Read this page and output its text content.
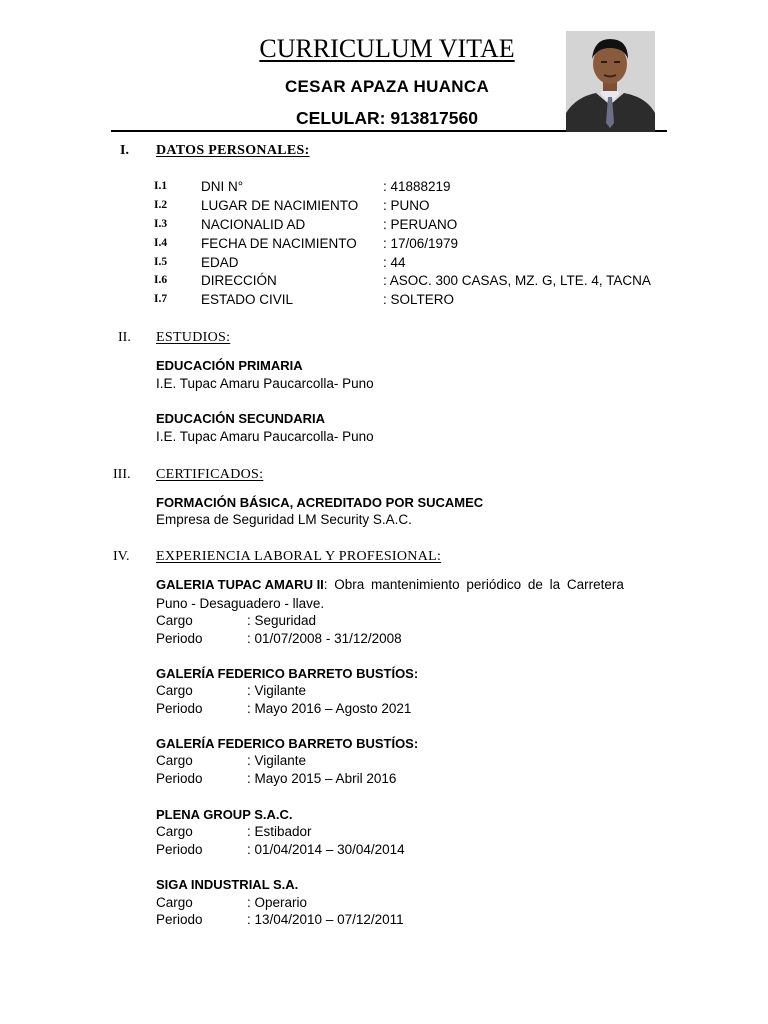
CURRICULUM VITAE
CESAR APAZA HUANCA
CELULAR: 913817560
I. DATOS PERSONALES:
I.1	DNI N°	: 41888219
I.2	LUGAR DE NACIMIENTO : PUNO
I.3	NACIONALID AD	: PERUANO
I.4	FECHA DE NACIMIENTO : 17/06/1979
I.5	EDAD	: 44
I.6	DIRECCIÓN	: ASOC. 300 CASAS, MZ. G, LTE. 4, TACNA
I.7	ESTADO CIVIL	: SOLTERO
II. ESTUDIOS:
EDUCACIÓN PRIMARIA
I.E. Tupac Amaru Paucarcolla- Puno
EDUCACIÓN SECUNDARIA
I.E. Tupac Amaru Paucarcolla- Puno
III. CERTIFICADOS:
FORMACIÓN BÁSICA, ACREDITADO POR SUCAMEC
Empresa de Seguridad LM Security S.A.C.
IV. EXPERIENCIA LABORAL Y PROFESIONAL:
GALERIA TUPAC AMARU II: Obra mantenimiento periódico de la Carretera
Puno - Desaguadero - llave.
Cargo	: Seguridad
Periodo	: 01/07/2008 - 31/12/2008
GALERÍA FEDERICO BARRETO BUSTÍOS:
Cargo	: Vigilante
Periodo	: Mayo 2016 – Agosto 2021
GALERÍA FEDERICO BARRETO BUSTÍOS:
Cargo	: Vigilante
Periodo	: Mayo 2015 – Abril 2016
PLENA GROUP S.A.C.
Cargo	: Estibador
Periodo	: 01/04/2014 – 30/04/2014
SIGA INDUSTRIAL S.A.
Cargo	: Operario
Periodo	: 13/04/2010 – 07/12/2011
